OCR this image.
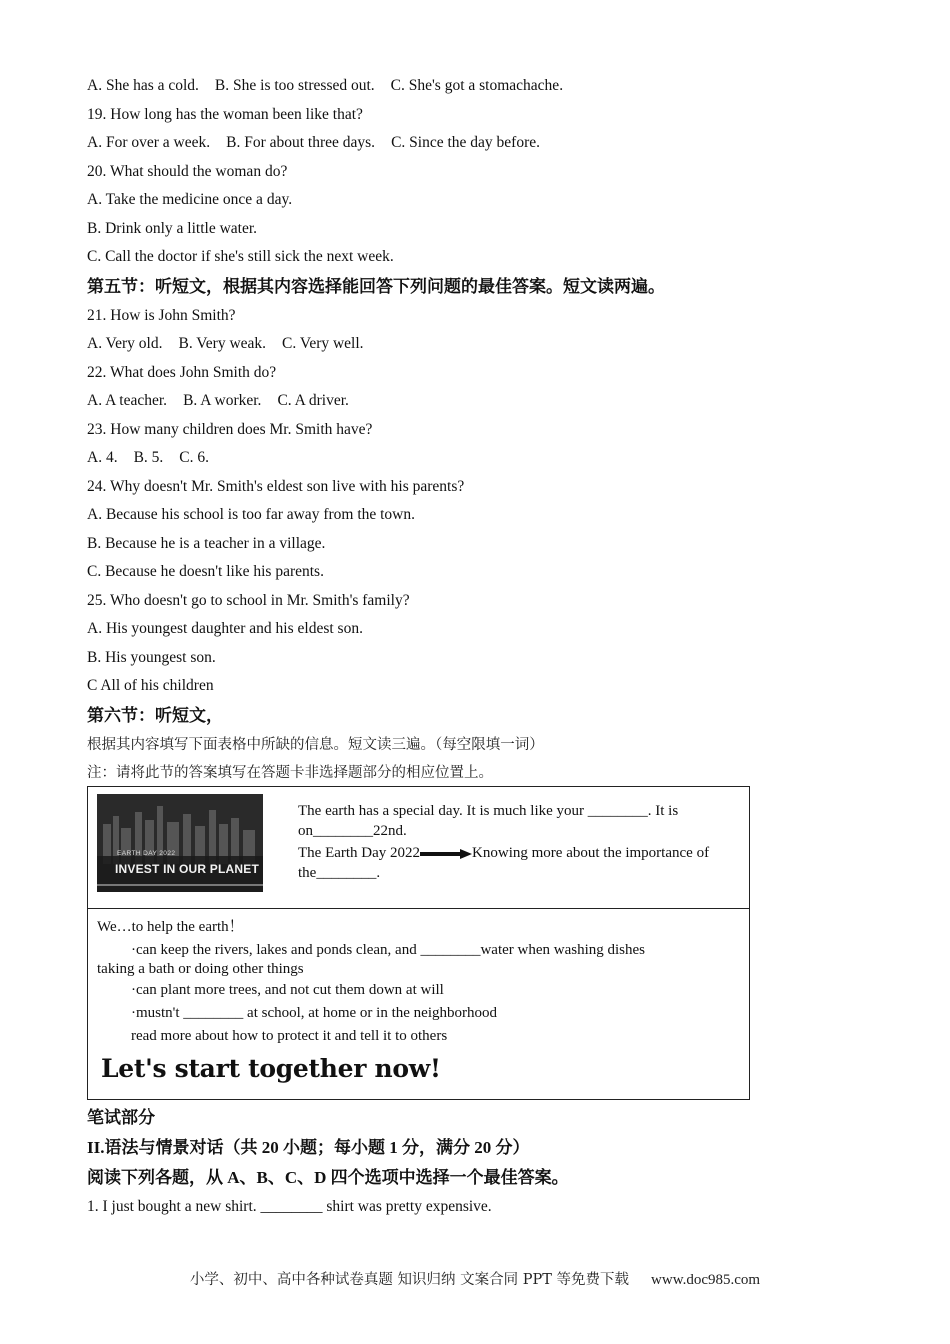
A. She has a cold. B. She is too stressed out. C. She's got a stomachache.
19. How long has the woman been like that?
A. For over a week. B. For about three days. C. Since the day before.
20. What should the woman do?
A. Take the medicine once a day.
B. Drink only a little water.
C. Call the doctor if she's still sick the next week.
第五节：听短文，根据其内容选择能回答下列问题的最佳答案。短文读两遍。
21. How is John Smith?
A. Very old. B. Very weak. C. Very well.
22. What does John Smith do?
A. A teacher. B. A worker. C. A driver.
23. How many children does Mr. Smith have?
A. 4. B. 5. C. 6.
24. Why doesn't Mr. Smith's eldest son live with his parents?
A. Because his school is too far away from the town.
B. Because he is a teacher in a village.
C. Because he doesn't like his parents.
25. Who doesn't go to school in Mr. Smith's family?
A. His youngest daughter and his eldest son.
B. His youngest son.
C All of his children
第六节：听短文，
根据其内容填写下面表格中所缺的信息。短文读三遍。（每空限填一词）
注：请将此节的答案填写在答题卡非选择题部分的相应位置上。
EARTH DAY 2022
INVEST IN OUR PLANET

The earth has a special day. It is much like your ________. It is on________22nd.

The Earth Day 2022	Knowing more about the importance of the________.

We…to help the earth！
·can keep the rivers, lakes and ponds clean, and ________water when washing dishes
taking a bath or doing other things
·can plant more trees, and not cut them down at will
·mustn't ________ at school, at home or in the neighborhood
read more about how to protect it and tell it to others
Let's start together now!
笔试部分
II.语法与情景对话（共 20 小题；每小题 1 分，满分 20 分）
阅读下列各题，从 A、B、C、D 四个选项中选择一个最佳答案。
1. I just bought a new shirt. ________ shirt was pretty expensive.
小学、初中、高中各种试卷真题 知识归纳 文案合同 PPT 等免费下载 www.doc985.com
